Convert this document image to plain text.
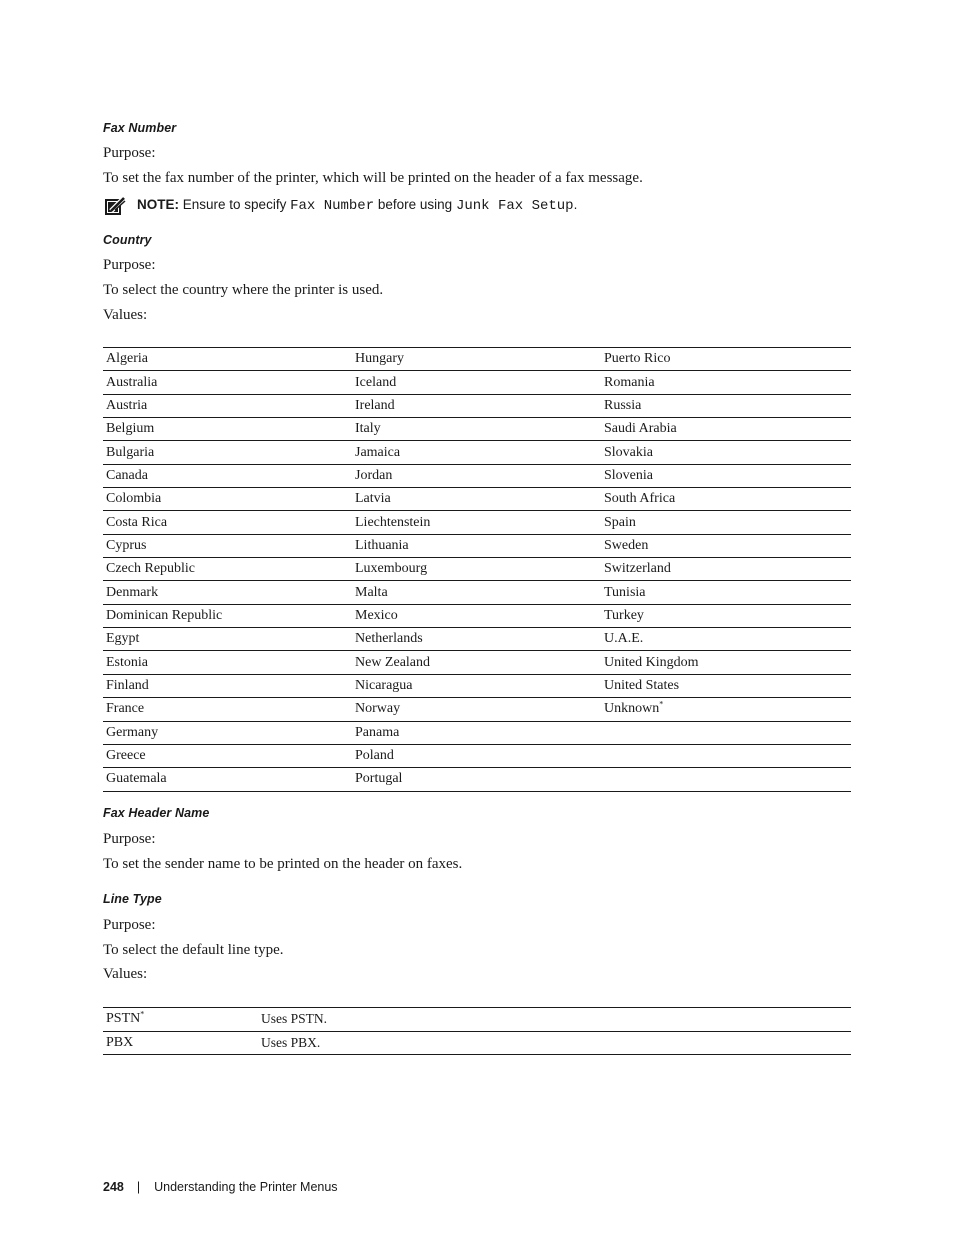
Fax Number
Purpose:
To set the fax number of the printer, which will be printed on the header of a fax message.
NOTE: Ensure to specify Fax Number before using Junk Fax Setup.
Country
Purpose:
To select the country where the printer is used.
Values:
Algeria	Hungary	Puerto Rico
Australia	Iceland	Romania
Austria	Ireland	Russia
Belgium	Italy	Saudi Arabia
Bulgaria	Jamaica	Slovakia
Canada	Jordan	Slovenia
Colombia	Latvia	South Africa
Costa Rica	Liechtenstein	Spain
Cyprus	Lithuania	Sweden
Czech Republic	Luxembourg	Switzerland
Denmark	Malta	Tunisia
Dominican Republic	Mexico	Turkey
Egypt	Netherlands	U.A.E.
Estonia	New Zealand	United Kingdom
Finland	Nicaragua	United States
France	Norway	Unknown*
Germany	Panama	
Greece	Poland	
Guatemala	Portugal	
Fax Header Name
Purpose:
To set the sender name to be printed on the header on faxes.
Line Type
Purpose:
To select the default line type.
Values:
PSTN*	Uses PSTN.
PBX	Uses PBX.
248 | Understanding the Printer Menus
